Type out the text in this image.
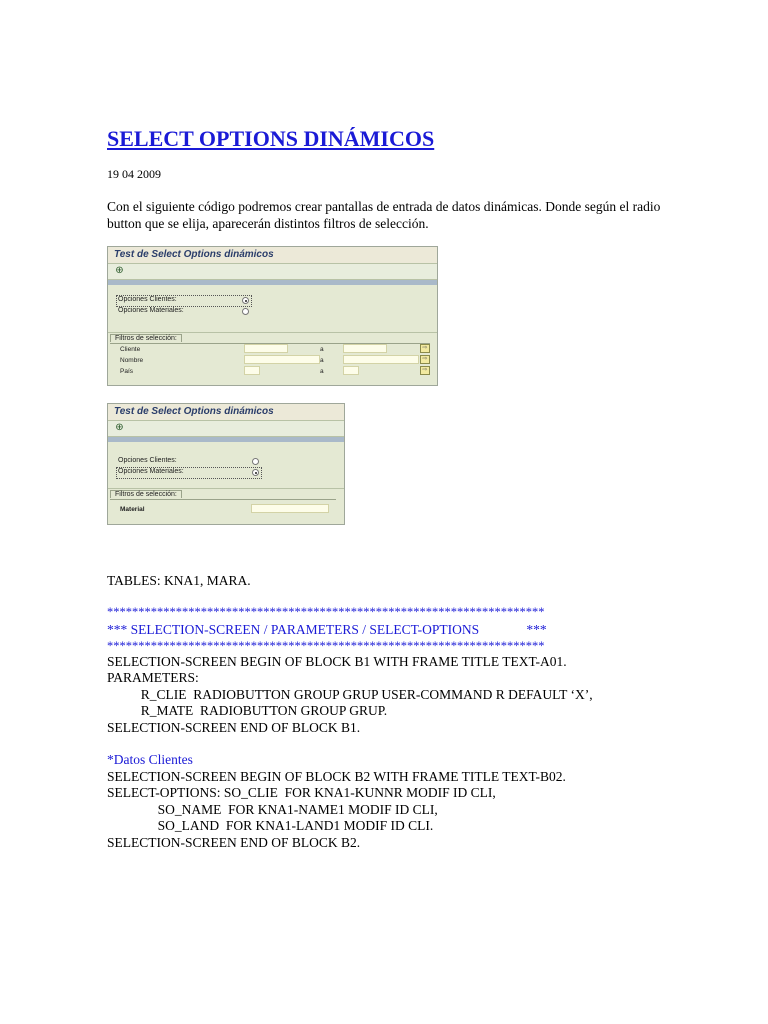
SELECT OPTIONS DINÁMICOS
19 04 2009

Con el siguiente código podremos crear pantallas de entrada de datos dinámicas. Donde según el radio button que se elija, aparecerán distintos filtros de selección.

Test de Select Options dinámicos
⊕
Opciones Clientes:
Opciones Materiales:
Filtros de selección:
Cliente	a	⇨
Nombre	a	⇨
País	a	⇨
Test de Select Options dinámicos
⊕
Opciones Clientes:
Opciones Materiales:
Filtros de selección:
Material
TABLES: KNA1, MARA.
**********************************************************************
*** SELECTION-SCREEN / PARAMETERS / SELECT-OPTIONS              ***
**********************************************************************
SELECTION-SCREEN BEGIN OF BLOCK B1 WITH FRAME TITLE TEXT-A01.
PARAMETERS:
R_CLIE  RADIOBUTTON GROUP GRUP USER-COMMAND R DEFAULT ‘X’,
R_MATE  RADIOBUTTON GROUP GRUP.
SELECTION-SCREEN END OF BLOCK B1.
*Datos Clientes
SELECTION-SCREEN BEGIN OF BLOCK B2 WITH FRAME TITLE TEXT-B02.
SELECT-OPTIONS: SO_CLIE  FOR KNA1-KUNNR MODIF ID CLI,
SO_NAME  FOR KNA1-NAME1 MODIF ID CLI,
SO_LAND  FOR KNA1-LAND1 MODIF ID CLI.
SELECTION-SCREEN END OF BLOCK B2.
